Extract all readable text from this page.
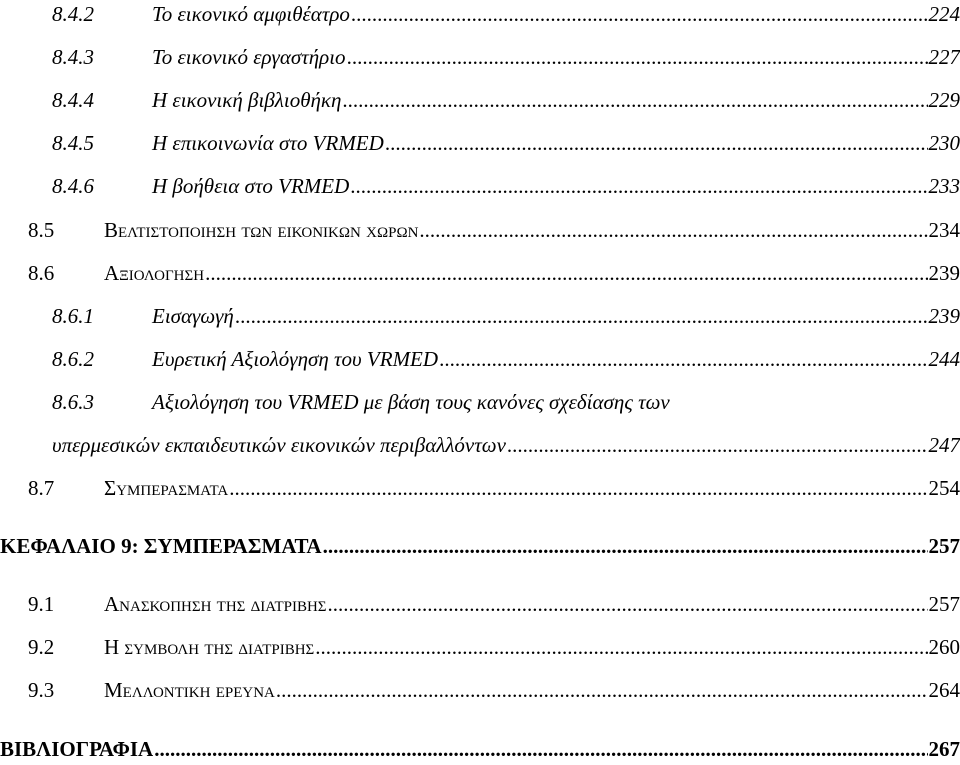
8.4.2	Το εικονικό αμφιθέατρο .....	224
8.4.3	Το εικονικό εργαστήριο .....	227
8.4.4	Η εικονική βιβλιοθήκη .....	229
8.4.5	Η επικοινωνία στο VRMED .....	230
8.4.6	Η βοήθεια στο VRMED .....	233
8.5	Βελτιστοποιηση των εικονικων χωρων .....	234
8.6	Αξιολογηση .....	239
8.6.1	Εισαγωγή .....	239
8.6.2	Ευρετική Αξιολόγηση του VRMED .....	244
8.6.3	Αξιολόγηση του VRMED με βάση τους κανόνες σχεδίασης των
υπερμεσικών εκπαιδευτικών εικονικών περιβαλλόντων .....	247
8.7	Συμπερασματα .....	254
ΚΕΦΑΛΑΙΟ 9: ΣΥΜΠΕΡΑΣΜΑΤΑ .....	257
9.1	Ανασκοπηση της διατριβης .....	257
9.2	Η συμβολη της διατριβης .....	260
9.3	Μελλοντικη ερευνα .....	264
ΒΙΒΛΙΟΓΡΑΦΙΑ .....	267
